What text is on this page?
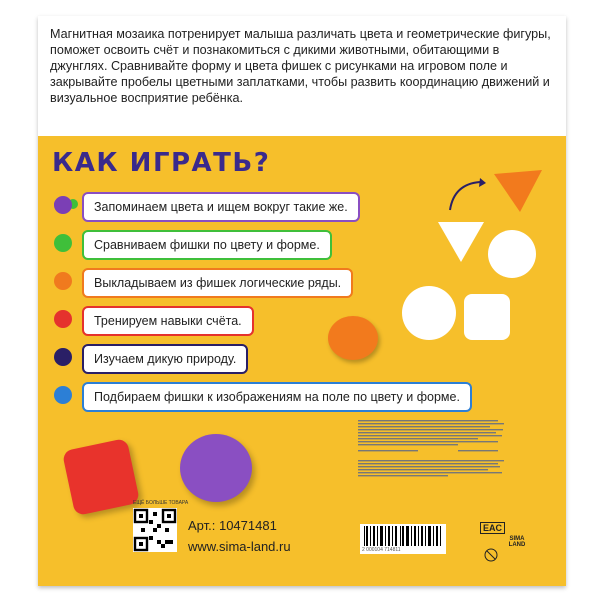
Магнитная мозаика потренирует малыша различать цвета и геометрические фигуры, поможет освоить счёт и познакомиться с дикими животными, обитающими в джунглях. Сравнивайте форму и цвета фишек с рисунками на игровом поле и закрывайте пробелы цветными заплатками, чтобы развить координацию движений и визуальное восприятие ребёнка.

КАК ИГРАТЬ?
Запоминаем цвета и ищем вокруг такие же.
Сравниваем фишки по цвету и форме.
Выкладываем из фишек логические ряды.
Тренируем навыки счёта.
Изучаем дикую природу.
Подбираем фишки к изображениям на поле по цвету и форме.
ЕЩЁ БОЛЬШЕ ТОВАРА
Арт.: 10471481
www.sima-land.ru	2 000104 714811
EAC
SIMA LAND
